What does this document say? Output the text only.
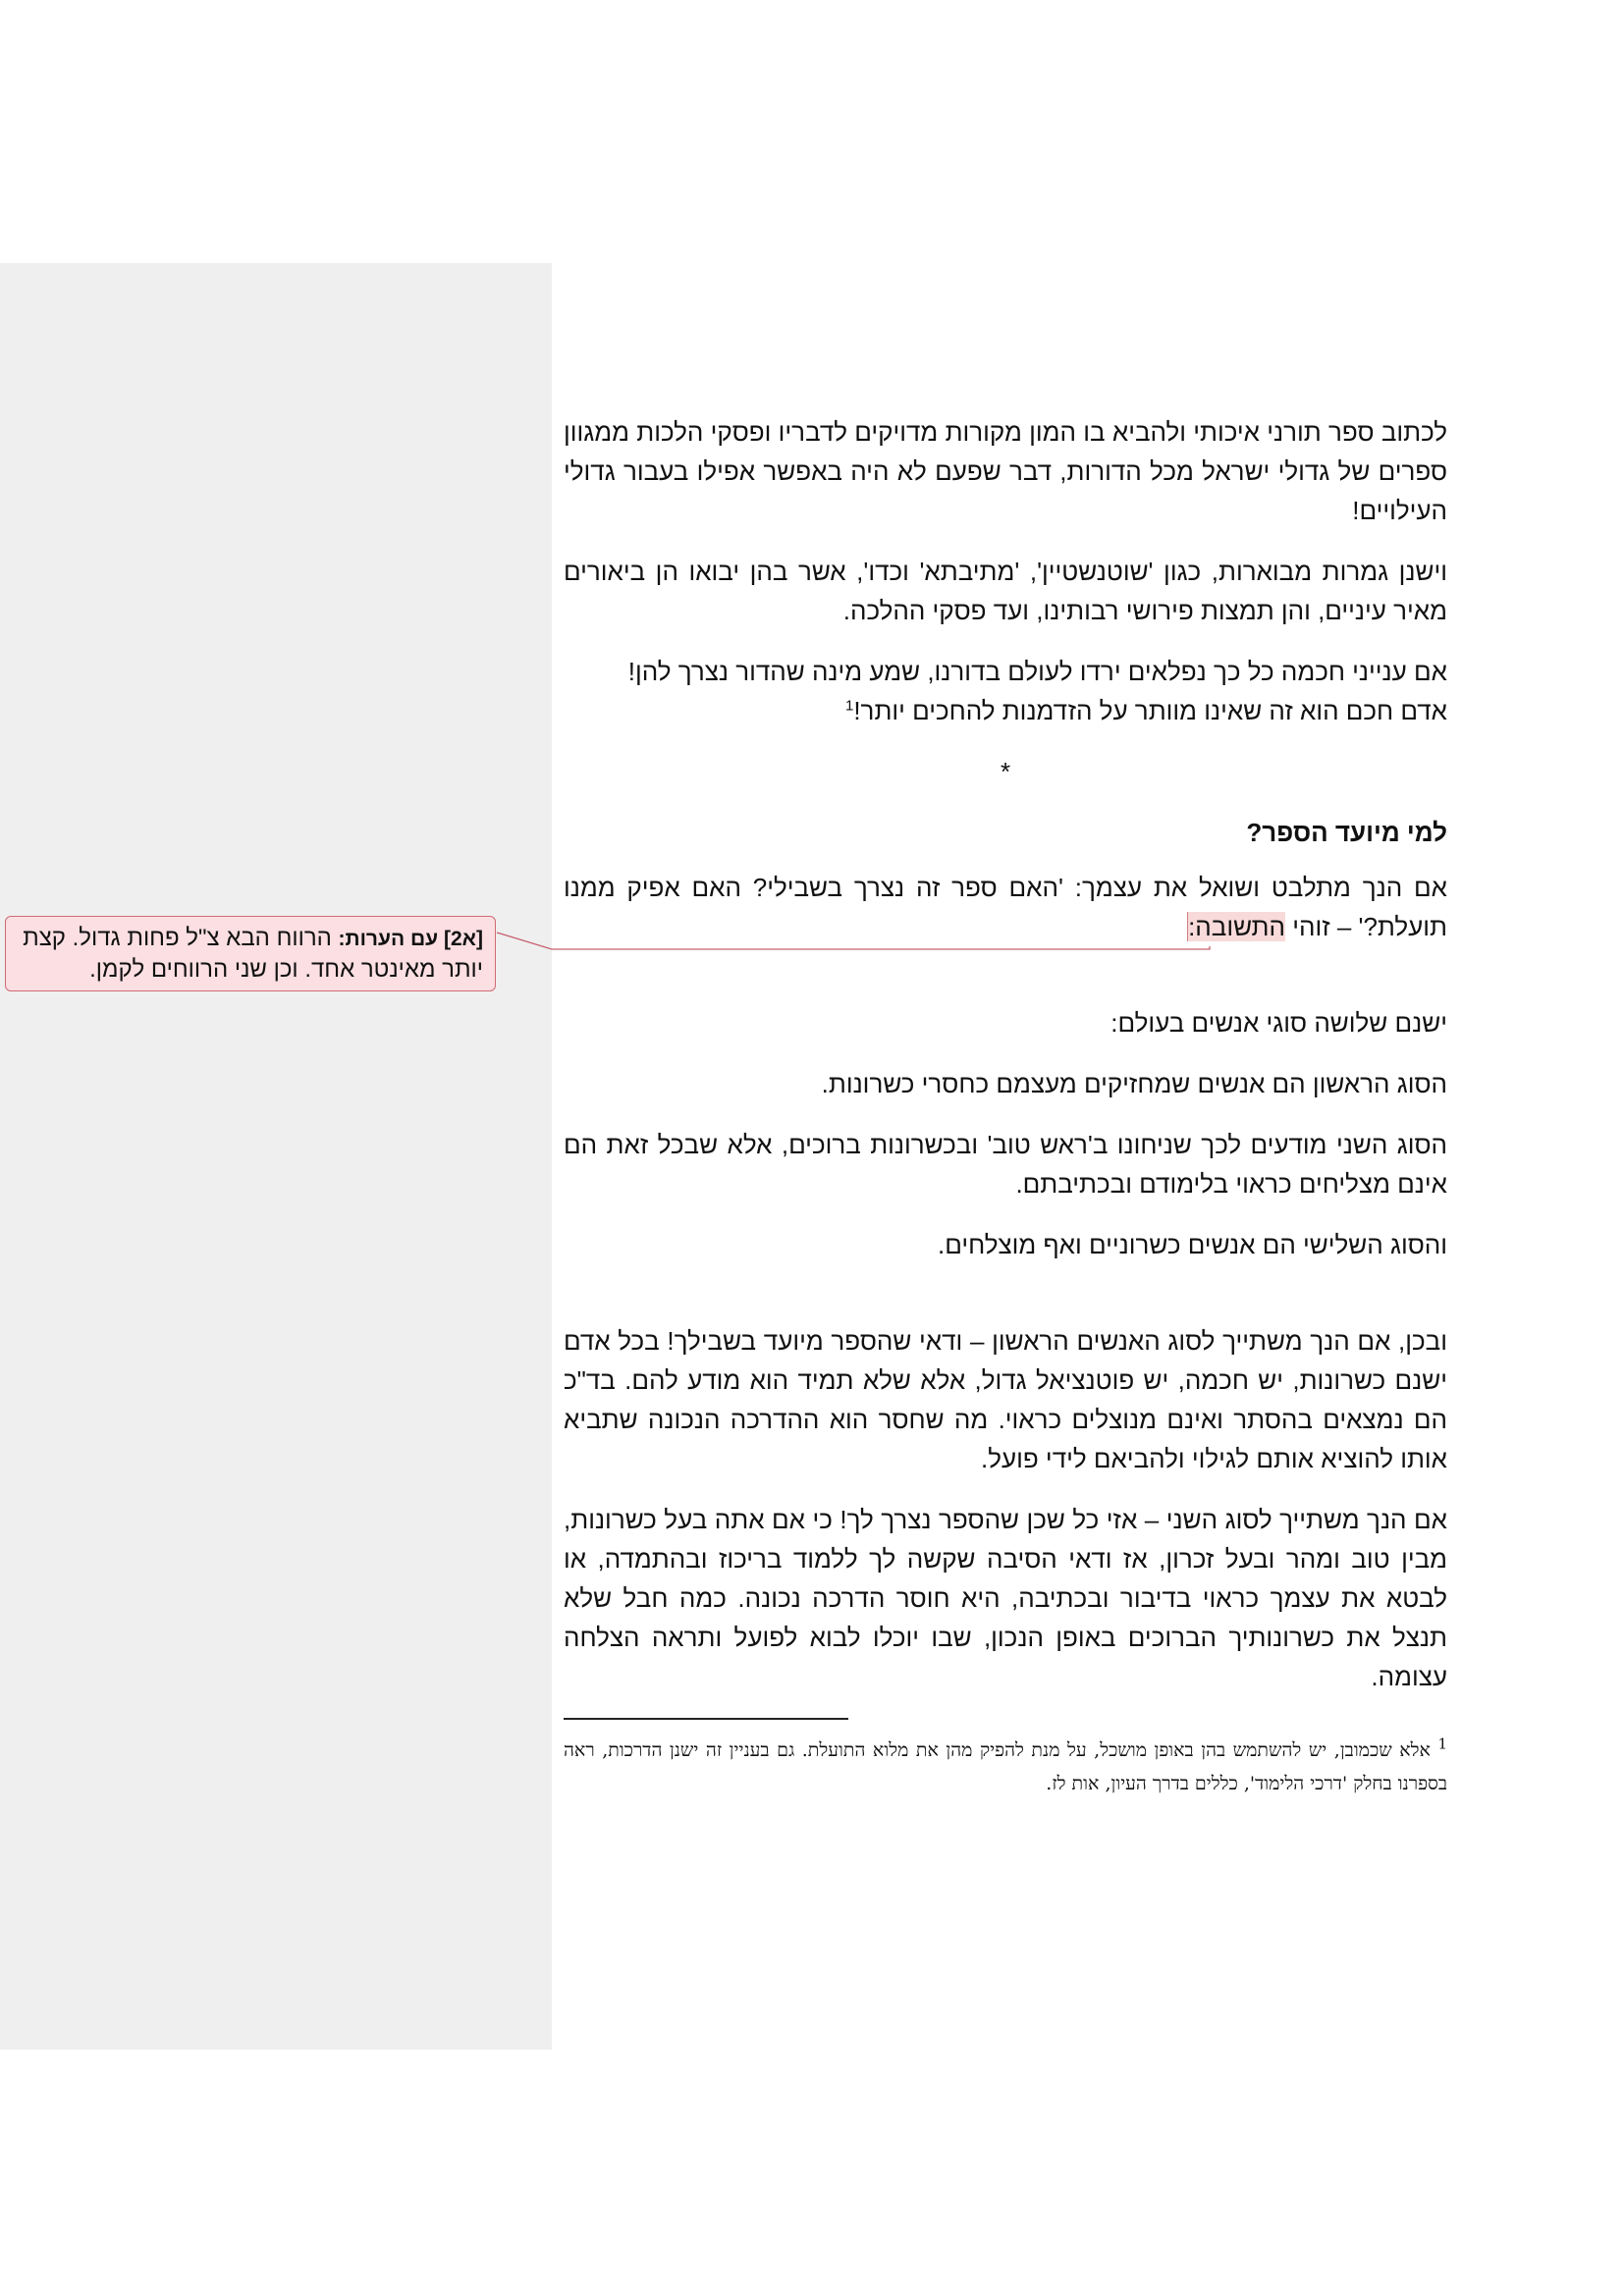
לכתוב ספר תורני איכותי ולהביא בו המון מקורות מדויקים לדבריו ופסקי הלכות ממגוון ספרים של גדולי ישראל מכל הדורות, דבר שפעם לא היה באפשר אפילו בעבור גדולי העילויים!

וישנן גמרות מבוארות, כגון 'שוטנשטיין', 'מתיבתא' וכדו', אשר בהן יבואו הן ביאורים מאיר עיניים, והן תמצות פירושי רבותינו, ועד פסקי ההלכה.

אם ענייני חכמה כל כך נפלאים ירדו לעולם בדורנו, שמע מינה שהדור נצרך להן!
אדם חכם הוא זה שאינו מוותר על הזדמנות להחכים יותר!$^1$

*
למי מיועד הספר?

אם הנך מתלבט ושואל את עצמך: 'האם ספר זה נצרך בשבילי? האם אפיק ממנו תועלת?' – זוהי התשובה:

ישנם שלושה סוגי אנשים בעולם:

הסוג הראשון הם אנשים שמחזיקים מעצמם כחסרי כשרונות.

הסוג השני מודעים לכך שניחונו ב'ראש טוב' ובכשרונות ברוכים, אלא שבכל זאת הם אינם מצליחים כראוי בלימודם ובכתיבתם.

והסוג השלישי הם אנשים כשרוניים ואף מוצלחים.

ובכן, אם הנך משתייך לסוג האנשים הראשון – ודאי שהספר מיועד בשבילך! בכל אדם ישנם כשרונות, יש חכמה, יש פוטנציאל גדול, אלא שלא תמיד הוא מודע להם. בד"כ הם נמצאים בהסתר ואינם מנוצלים כראוי. מה שחסר הוא ההדרכה הנכונה שתביא אותו להוציא אותם לגילוי ולהביאם לידי פועל.

אם הנך משתייך לסוג השני – אזי כל שכן שהספר נצרך לך! כי אם אתה בעל כשרונות, מבין טוב ומהר ובעל זכרון, אז ודאי הסיבה שקשה לך ללמוד בריכוז ובהתמדה, או לבטא את עצמך כראוי בדיבור ובכתיבה, היא חוסר הדרכה נכונה. כמה חבל שלא תנצל את כשרונותיך הברוכים באופן הנכון, שבו יוכלו לבוא לפועל ותראה הצלחה עצומה.

$^1$ אלא שכמובן, יש להשתמש בהן באופן מושכל, על מנת להפיק מהן את מלוא התועלת. גם בעניין זה ישנן הדרכות, ראה בספרנו בחלק 'דרכי הלימוד', כללים בדרך העיון, אות לז.

[א2] עם הערות: הרווח הבא צ"ל פחות גדול. קצת יותר מאינטר אחד. וכן שני הרווחים לקמן.
